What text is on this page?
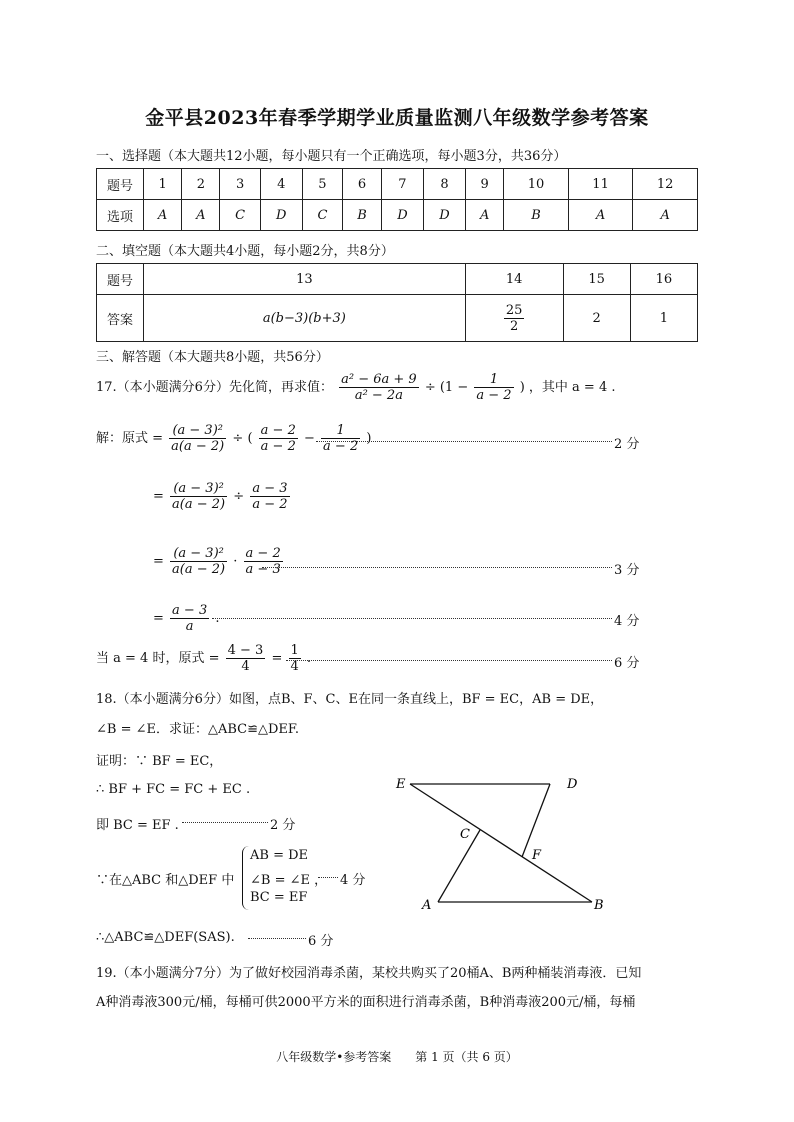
金平县2023年春季学期学业质量监测八年级数学参考答案
一、选择题（本大题共12小题，每小题只有一个正确选项，每小题3分，共36分）
题号	1	2	3	4	5	6	7	8	9	10	11	12
选项	A	A	C	D	C	B	D	D	A	B	A	A
二、填空题（本大题共4小题，每小题2分，共8分）
题号	13	14	15	16
答案	a(b−3)(b+3)	$\frac{25}{2}$	2	1
三、解答题（本大题共8小题，共56分）
17.（本小题满分6分）先化简，再求值： $\frac{\text{a² − 6a + 9}}{\text{a² − 2a}} \div (1 - \frac{1}{a - 2}$ ) ，其中 a = 4 .
解：原式 = $\frac{\text{(a − 3)²}}{a(a - 2)}$ ÷ ( $\frac{a - 2}{a - 2} - \frac{1}{a - 2}$ )	2 分
= $\frac{\text{(a − 3)²}}{a(a - 2)} \div \frac{a - 3}{a - 2}$
= $\frac{\text{(a − 3)²}}{a(a - 2)} \cdot \frac{a - 2}{a - 3}$	3 分
= $\frac{a - 3}{a}$ .	4 分
当 a = 4 时，原式 = $\frac{4 - 3}{4} = \frac{1}{4}$ .	6 分
18.（本小题满分6分）如图，点B、F、C、E在同一条直线上，BF = EC，AB = DE，
∠B = ∠E．求证：△ABC≌△DEF.
证明：∵ BF = EC，
∴ BF + FC = FC + EC .
即 BC = EF .	2 分
∵在△ABC 和△DEF 中
AB = DE
∠B = ∠E ，
BC = EF
4 分
∴△ABC≌△DEF(SAS).	6 分
E	D
C
F
A	B
19.（本小题满分7分）为了做好校园消毒杀菌，某校共购买了20桶A、B两种桶装消毒液．已知
A种消毒液300元/桶，每桶可供2000平方米的面积进行消毒杀菌，B种消毒液200元/桶，每桶
八年级数学•参考答案　　第 1 页（共 6 页）
